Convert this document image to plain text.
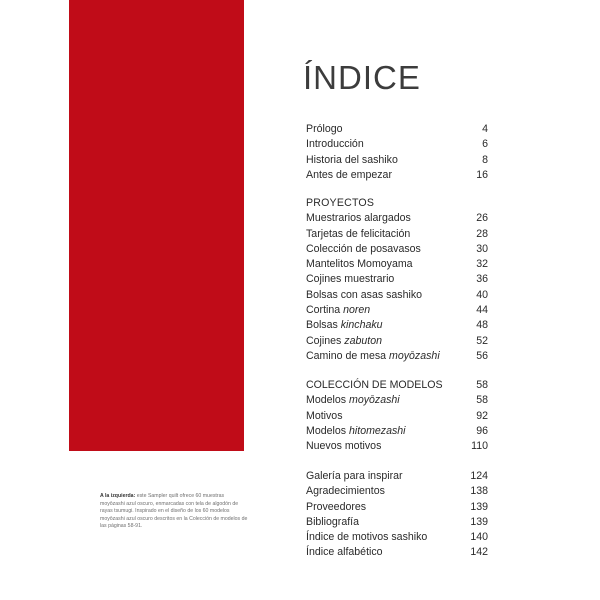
A la izquierda: este Sampler quilt ofrece 60 muestras moyōzashi azul oscuro, enmarcadas con tela de algodón de rayas tsumugi. Inspirado en el diseño de los 60 modelos moyōzashi azul oscuro descritos en la Colección de modelos de las páginas 58-91.
ÍNDICE
Prólogo	4
Introducción	6
Historia del sashiko	8
Antes de empezar	16
PROYECTOS
Muestrarios alargados	26
Tarjetas de felicitación	28
Colección de posavasos	30
Mantelitos Momoyama	32
Cojines muestrario	36
Bolsas con asas sashiko	40
Cortina noren	44
Bolsas kinchaku	48
Cojines zabuton	52
Camino de mesa moyōzashi	56
COLECCIÓN DE MODELOS	58
Modelos moyōzashi	58
Motivos	92
Modelos hitomezashi	96
Nuevos motivos	110
Galería para inspirar	124
Agradecimientos	138
Proveedores	139
Bibliografía	139
Índice de motivos sashiko	140
Índice alfabético	142
